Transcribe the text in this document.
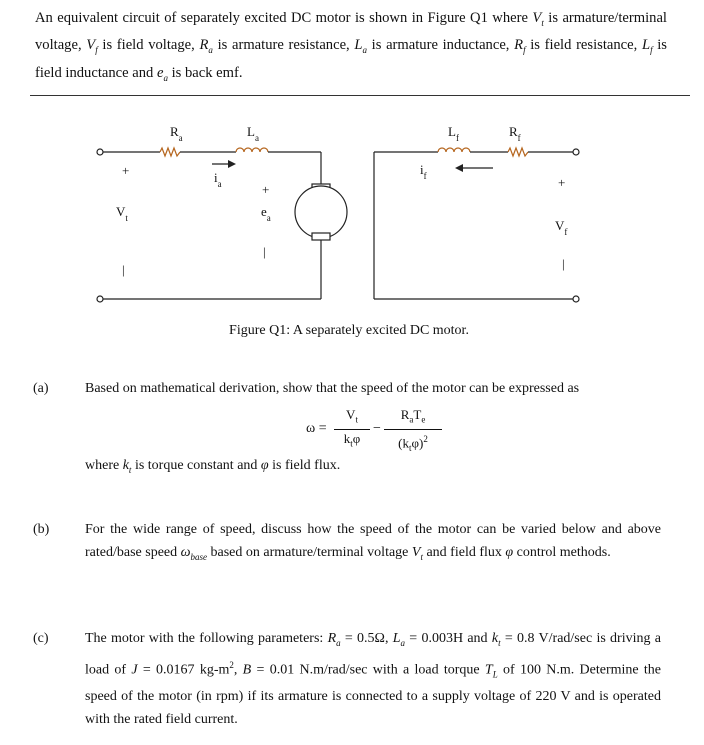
An equivalent circuit of separately excited DC motor is shown in Figure Q1 where $V_t$ is armature/terminal voltage, $V_f$ is field voltage, $R_a$ is armature resistance, $L_a$ is armature inductance, $R_f$ is field resistance, $L_f$ is field inductance and $e_a$ is back emf.
$R_a$	$L_a$
$i_a$
+
$V_t$
|
+
$e_a$
|
$L_f$	$R_f$
$i_f$	+
$V_f$
|
Figure Q1: A separately excited DC motor.
(a)	Based on mathematical derivation, show that the speed of the motor can be expressed as
ω =
$V_t$
$k_t\varphi$
−
$R_aT_e$
$(k_t\varphi)^2$
where $k_t$ is torque constant and φ is field flux.
(b)	For the wide range of speed, discuss how the speed of the motor can be varied below and above rated/base speed $\omega_{base}$ based on armature/terminal voltage $V_t$ and field flux φ control methods.
(c)	The motor with the following parameters: $R_a = 0.5\Omega$, $L_a = 0.003H$ and $k_t = 0.8$ V/rad/sec is driving a load of J = 0.0167 $kg-m^2$, B = 0.01 N.m/rad/sec with a load torque $T_L$ of 100 N.m. Determine the speed of the motor (in rpm) if its armature is connected to a supply voltage of 220 V and is operated with the rated field current.
